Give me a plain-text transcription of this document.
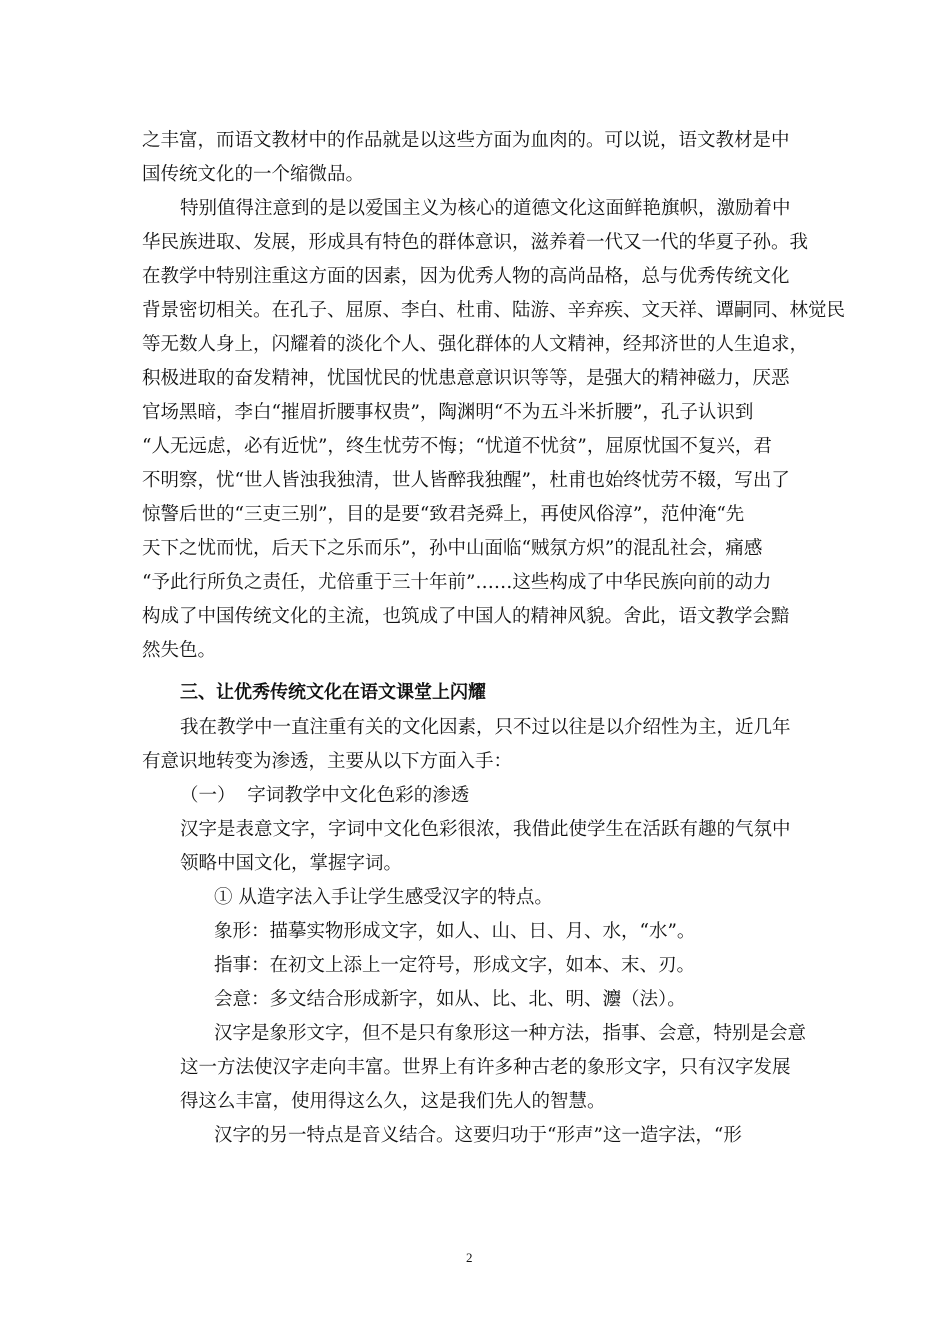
之丰富，而语文教材中的作品就是以这些方面为血肉的。可以说，语文教材是中
国传统文化的一个缩微品。
特别值得注意到的是以爱国主义为核心的道德文化这面鲜艳旗帜，激励着中
华民族进取、发展，形成具有特色的群体意识，滋养着一代又一代的华夏子孙。我
在教学中特别注重这方面的因素，因为优秀人物的高尚品格，总与优秀传统文化
背景密切相关。在孔子、屈原、李白、杜甫、陆游、辛弃疾、文天祥、谭嗣同、林觉民
等无数人身上，闪耀着的淡化个人、强化群体的人文精神，经邦济世的人生追求，
积极进取的奋发精神，忧国忧民的忧患意意识识等等，是强大的精神磁力，厌恶
官场黑暗，李白“摧眉折腰事权贵”，陶渊明“不为五斗米折腰”，孔子认识到
“人无远虑，必有近忧”，终生忧劳不悔；“忧道不忧贫”，屈原忧国不复兴，君
不明察，忧“世人皆浊我独清，世人皆醉我独醒”，杜甫也始终忧劳不辍，写出了
惊警后世的“三吏三别”，目的是要“致君尧舜上，再使风俗淳”，范仲淹“先
天下之忧而忧，后天下之乐而乐”，孙中山面临“贼氛方炽”的混乱社会，痛感
“予此行所负之责任，尤倍重于三十年前”……这些构成了中华民族向前的动力
构成了中国传统文化的主流，也筑成了中国人的精神风貌。舍此，语文教学会黯
然失色。
三、让优秀传统文化在语文课堂上闪耀
我在教学中一直注重有关的文化因素，只不过以往是以介绍性为主，近几年
有意识地转变为渗透，主要从以下方面入手：
（一）  字词教学中文化色彩的渗透
汉字是表意文字，字词中文化色彩很浓，我借此使学生在活跃有趣的气氛中
领略中国文化，掌握字词。
① 从造字法入手让学生感受汉字的特点。
象形：描摹实物形成文字，如人、山、日、月、水，“水”。
指事：在初文上添上一定符号，形成文字，如本、末、刃。
会意：多文结合形成新字，如从、比、北、明、灋（法）。
汉字是象形文字，但不是只有象形这一种方法，指事、会意，特别是会意
这一方法使汉字走向丰富。世界上有许多种古老的象形文字，只有汉字发展
得这么丰富，使用得这么久，这是我们先人的智慧。
汉字的另一特点是音义结合。这要归功于“形声”这一造字法，“形
2
